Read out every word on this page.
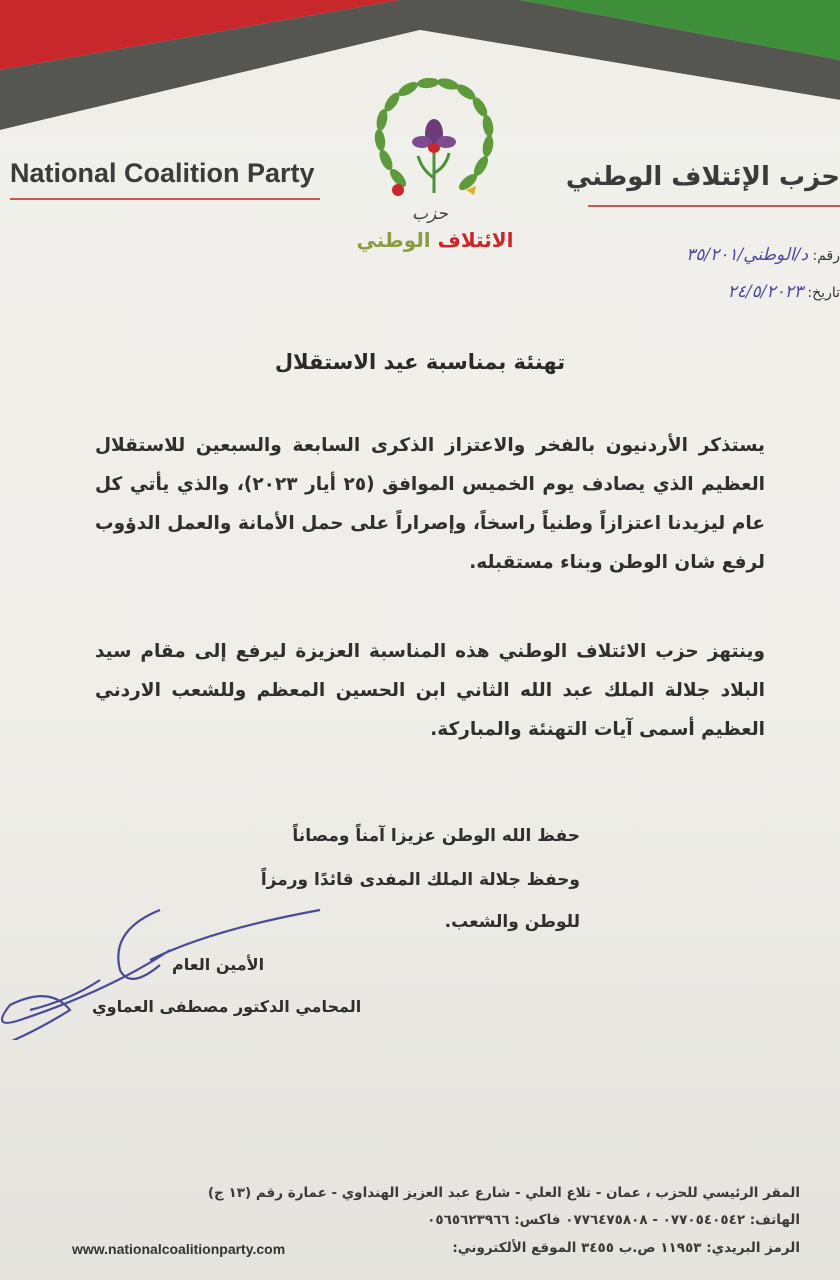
National Coalition Party	حزب الإئتلاف الوطني
حزب
الائتلاف الوطني
رقم: د/الوطني/٣٥/٢٠١
تاريخ: ٢٤/٥/٢٠٢٣
تهنئة بمناسبة عيد الاستقلال
يستذكر الأردنيون بالفخر والاعتزاز الذكرى السابعة والسبعين للاستقلال العظيم الذي يصادف يوم الخميس الموافق (٢٥ أيار ٢٠٢٣)، والذي يأتي كل عام ليزيدنا اعتزازاً وطنياً راسخاً، وإصراراً على حمل الأمانة والعمل الدؤوب لرفع شان الوطن وبناء مستقبله.
وينتهز حزب الائتلاف الوطني هذه المناسبة العزيزة ليرفع إلى مقام سيد البلاد جلالة الملك عبد الله الثاني ابن الحسين المعظم وللشعب الاردني العظيم أسمى آيات التهنئة والمباركة.
حفظ الله الوطن عزيزا آمناً ومصاناً
وحفظ جلالة الملك المفدى قائدًا ورمزاً للوطن والشعب.
الأمين العام
المحامي الدكتور مصطفى العماوي
المقر الرئيسي للحزب ، عمان - تلاع العلي - شارع عبد العزيز الهنداوي - عمارة رقم (١٣ ج)
الهاتف: ٠٧٧٠٥٤٠٥٤٢ - ٠٧٧٦٤٧٥٨٠٨ فاكس: ٠٥٦٥٦٢٣٩٦٦
الرمز البريدي: ١١٩٥٣ ص.ب ٣٤٥٥ الموقع الألكتروني:
www.nationalcoalitionparty.com
